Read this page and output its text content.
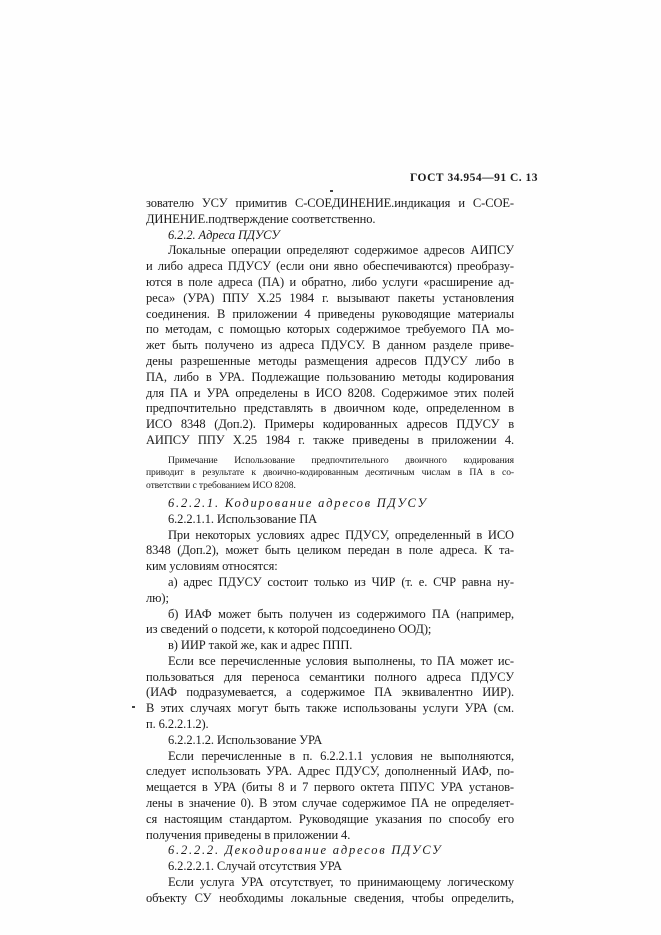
ГОСТ 34.954—91 С. 13
зователю УСУ примитив С-СОЕДИНЕНИЕ.индикация и С-СОЕ-
ДИНЕНИЕ.подтверждение соответственно.
6.2.2. Адреса ПДУСУ
Локальные операции определяют содержимое адресов АИПСУ
и либо адреса ПДУСУ (если они явно обеспечиваются) преобразу-
ются в поле адреса (ПА) и обратно, либо услуги «расширение ад-
реса» (УРА) ППУ Х.25 1984 г. вызывают пакеты установления
соединения. В приложении 4 приведены руководящие материалы
по методам, с помощью которых содержимое требуемого ПА мо-
жет быть получено из адреса ПДУСУ. В данном разделе приве-
дены разрешенные методы размещения адресов ПДУСУ либо в
ПА, либо в УРА. Подлежащие пользованию методы кодирования
для ПА и УРА определены в ИСО 8208. Содержимое этих полей
предпочтительно представлять в двоичном коде, определенном в
ИСО 8348 (Доп.2). Примеры кодированных адресов ПДУСУ в
АИПСУ ППУ Х.25 1984 г. также приведены в приложении 4.
Примечание Использование предпочтительного двоичного кодирования
приводит в результате к двоично-кодированным десятичным числам в ПА в со-
ответствии с требованием ИСО 8208.
6.2.2.1. Кодирование адресов ПДУСУ
6.2.2.1.1. Использование ПА
При некоторых условиях адрес ПДУСУ, определенный в ИСО
8348 (Доп.2), может быть целиком передан в поле адреса. К та-
ким условиям относятся:
а) адрес ПДУСУ состоит только из ЧИР (т. е. СЧР равна ну-
лю);
б) ИАФ может быть получен из содержимого ПА (например,
из сведений о подсети, к которой подсоединено ООД);
в) ИИР такой же, как и адрес ППП.
Если все перечисленные условия выполнены, то ПА может ис-
пользоваться для переноса семантики полного адреса ПДУСУ
(ИАФ подразумевается, а содержимое ПА эквивалентно ИИР).
В этих случаях могут быть также использованы услуги УРА (см.
п. 6.2.2.1.2).
6.2.2.1.2. Использование УРА
Если перечисленные в п. 6.2.2.1.1 условия не выполняются,
следует использовать УРА. Адрес ПДУСУ, дополненный ИАФ, по-
мещается в УРА (биты 8 и 7 первого октета ППУС УРА установ-
лены в значение 0). В этом случае содержимое ПА не определяет-
ся настоящим стандартом. Руководящие указания по способу его
получения приведены в приложении 4.
6.2.2.2. Декодирование адресов ПДУСУ
6.2.2.2.1. Случай отсутствия УРА
Если услуга УРА отсутствует, то принимающему логическому
объекту СУ необходимы локальные сведения, чтобы определить,
